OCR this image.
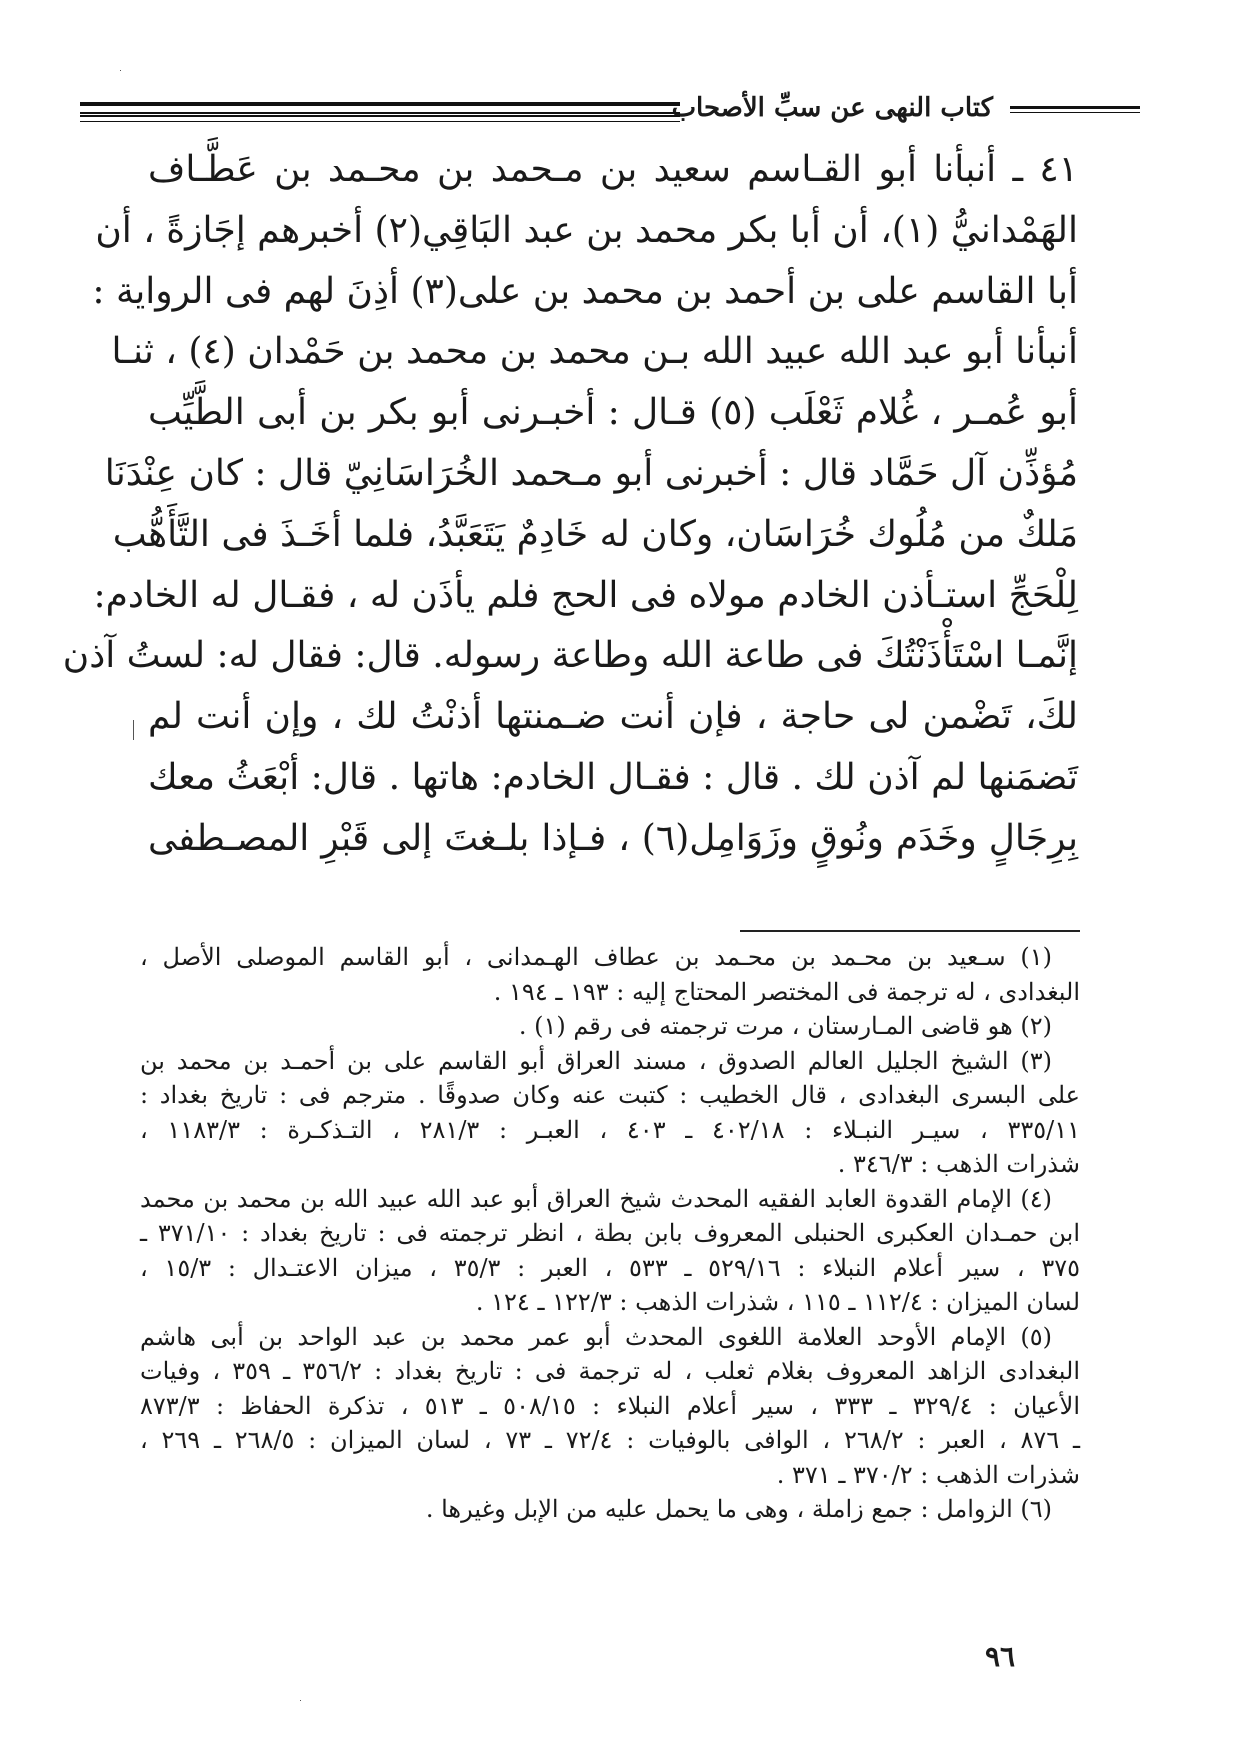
كتاب النهى عن سبِّ الأصحاب
٤١ ـ أنبأنا أبو القـاسم سعيد بن مـحمد بن محـمد بن عَطَّـاف
الهَمْدانيُّ (١)، أن أبا بكر محمد بن عبد البَاقِي(٢) أخبرهم إجَازةً ، أن
أبا القاسم على بن أحمد بن محمد بن على(٣) أذِنَ لهم فى الرواية :
أنبأنا أبو عبد الله عبيد الله بـن محمد بن محمد بن حَمْدان (٤) ، ثنـا
أبو عُمـر ، غُلام ثَعْلَب (٥) قـال : أخبـرنى أبو بكر بن أبى الطَّيِّب
مُؤذِّن آل حَمَّاد قال : أخبرنى أبو مـحمد الخُرَاسَانِيّ قال : كان عِنْدَنَا
مَلكٌ من مُلُوك خُرَاسَان، وكان له خَادِمٌ يَتَعَبَّدُ، فلما أخَـذَ فى التَّأَهُّب
لِلْحَجِّ استـأذن الخادم مولاه فى الحج فلم يأذَن له ، فقـال له الخادم:
إنَّمـا اسْتَأْذَنْتُكَ فى طاعة الله وطاعة رسوله. قال: فقال له: لستُ آذن
لكَ، تَضْمن لى حاجة ، فإن أنت ضـمنتها أذنْتُ لك ، وإن أنت لم
تَضمَنها لم آذن لك . قال : فقـال الخادم: هاتها . قال: أبْعَثُ معك
بِرِجَالٍ وخَدَم ونُوقٍ وزَوَامِل(٦) ، فـإذا بلـغتَ إلى قَبْرِ المصـطفى
(١) سـعيد بن محـمد بن محـمد بن عطاف الهـمدانى ، أبو القاسم الموصلى الأصل ،
البغدادى ، له ترجمة فى المختصر المحتاج إليه : ١٩٣ ـ ١٩٤ .
(٢) هو قاضى المـارستان ، مرت ترجمته فى رقم (١) .
(٣) الشيخ الجليل العالم الصدوق ، مسند العراق أبو القاسم على بن أحمـد بن محمد بن
على البسرى البغدادى ، قال الخطيب : كتبت عنه وكان صدوقًا . مترجم فى : تاريخ بغداد :
٣٣٥/١١ ، سيـر النبـلاء : ٤٠٢/١٨ ـ ٤٠٣ ، العبـر : ٢٨١/٣ ، التـذكـرة : ١١٨٣/٣ ،
شذرات الذهب : ٣٤٦/٣ .
(٤) الإمام القدوة العابد الفقيه المحدث شيخ العراق أبو عبد الله عبيد الله بن محمد بن محمد
ابن حمـدان العكبرى الحنبلى المعروف بابن بطة ، انظر ترجمته فى : تاريخ بغداد : ٣٧١/١٠ ـ
٣٧٥ ، سير أعلام النبلاء : ٥٢٩/١٦ ـ ٥٣٣ ، العبر : ٣٥/٣ ، ميزان الاعتـدال : ١٥/٣ ،
لسان الميزان : ١١٢/٤ ـ ١١٥ ، شذرات الذهب : ١٢٢/٣ ـ ١٢٤ .
(٥) الإمام الأوحد العلامة اللغوى المحدث أبو عمر محمد بن عبد الواحد بن أبى هاشم
البغدادى الزاهد المعروف بغلام ثعلب ، له ترجمة فى : تاريخ بغداد : ٣٥٦/٢ ـ ٣٥٩ ، وفيات
الأعيان : ٣٢٩/٤ ـ ٣٣٣ ، سير أعلام النبلاء : ٥٠٨/١٥ ـ ٥١٣ ، تذكرة الحفاظ : ٨٧٣/٣
ـ ٨٧٦ ، العبر : ٢٦٨/٢ ، الوافى بالوفيات : ٧٢/٤ ـ ٧٣ ، لسان الميزان : ٢٦٨/٥ ـ ٢٦٩ ،
شذرات الذهب : ٣٧٠/٢ ـ ٣٧١ .
(٦) الزوامل : جمع زاملة ، وهى ما يحمل عليه من الإبل وغيرها .
٩٦
